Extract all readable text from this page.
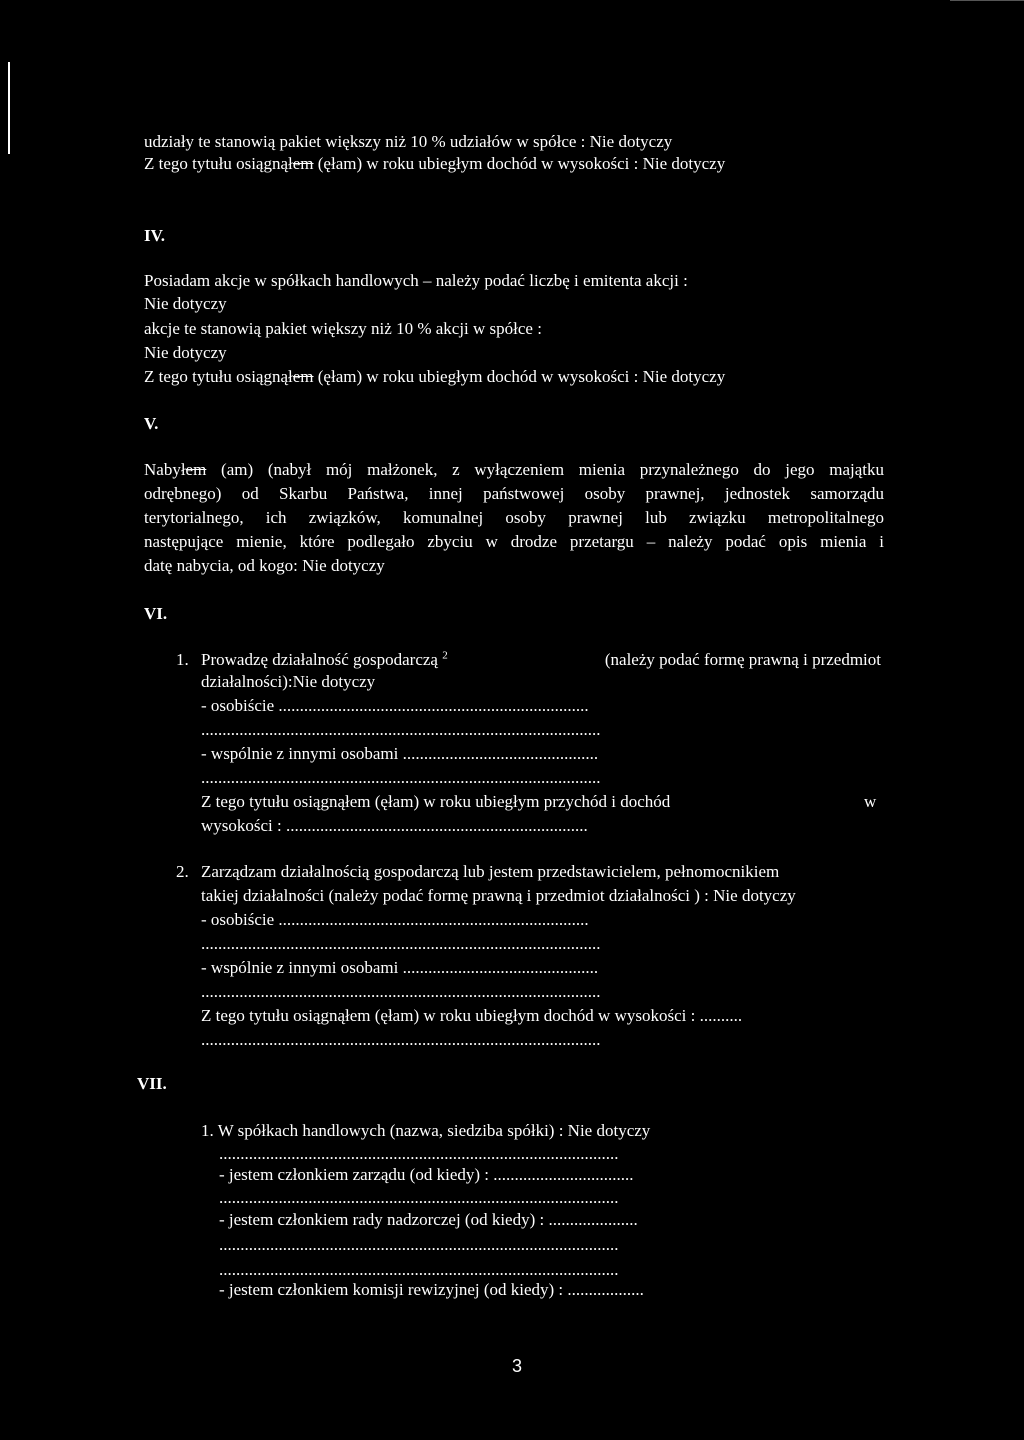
udziały te stanowią pakiet większy niż 10 % udziałów w spółce : Nie dotyczy
Z tego tytułu osiągnąłem (ęłam) w roku ubiegłym dochód w wysokości : Nie dotyczy
IV.
Posiadam akcje w spółkach handlowych – należy podać liczbę i emitenta akcji :
Nie dotyczy
akcje te stanowią pakiet większy niż 10 % akcji w spółce :
Nie dotyczy
Z tego tytułu osiągnąłem (ęłam) w roku ubiegłym dochód w wysokości : Nie dotyczy
V.
Nabyłem (am) (nabył mój małżonek, z wyłączeniem mienia przynależnego do jego majątku
odrębnego) od Skarbu Państwa, innej państwowej osoby prawnej, jednostek samorządu
terytorialnego, ich związków, komunalnej osoby prawnej lub związku metropolitalnego
następujące mienie, które podlegało zbyciu w drodze przetargu – należy podać opis mienia i
datę nabycia, od kogo: Nie dotyczy
VI.
1. Prowadzę działalność gospodarczą $^2$	(należy podać formę prawną i przedmiot
działalności):Nie dotyczy
- osobiście .........................................................................
..............................................................................................
- wspólnie z innymi osobami ..............................................
..............................................................................................
Z tego tytułu osiągnąłem (ęłam) w roku ubiegłym przychód i dochód	w
wysokości : .......................................................................
2. Zarządzam działalnością gospodarczą lub jestem przedstawicielem, pełnomocnikiem
takiej działalności (należy podać formę prawną i przedmiot działalności ) : Nie dotyczy
- osobiście .........................................................................
..............................................................................................
- wspólnie z innymi osobami ..............................................
..............................................................................................
Z tego tytułu osiągnąłem (ęłam) w roku ubiegłym dochód w wysokości : ..........
..............................................................................................
VII.
1. W spółkach handlowych (nazwa, siedziba spółki) : Nie dotyczy
..............................................................................................
- jestem członkiem zarządu (od kiedy) : .................................
..............................................................................................
- jestem członkiem rady nadzorczej (od kiedy) : .....................
..............................................................................................
..............................................................................................
- jestem członkiem komisji rewizyjnej (od kiedy) : ..................
3
